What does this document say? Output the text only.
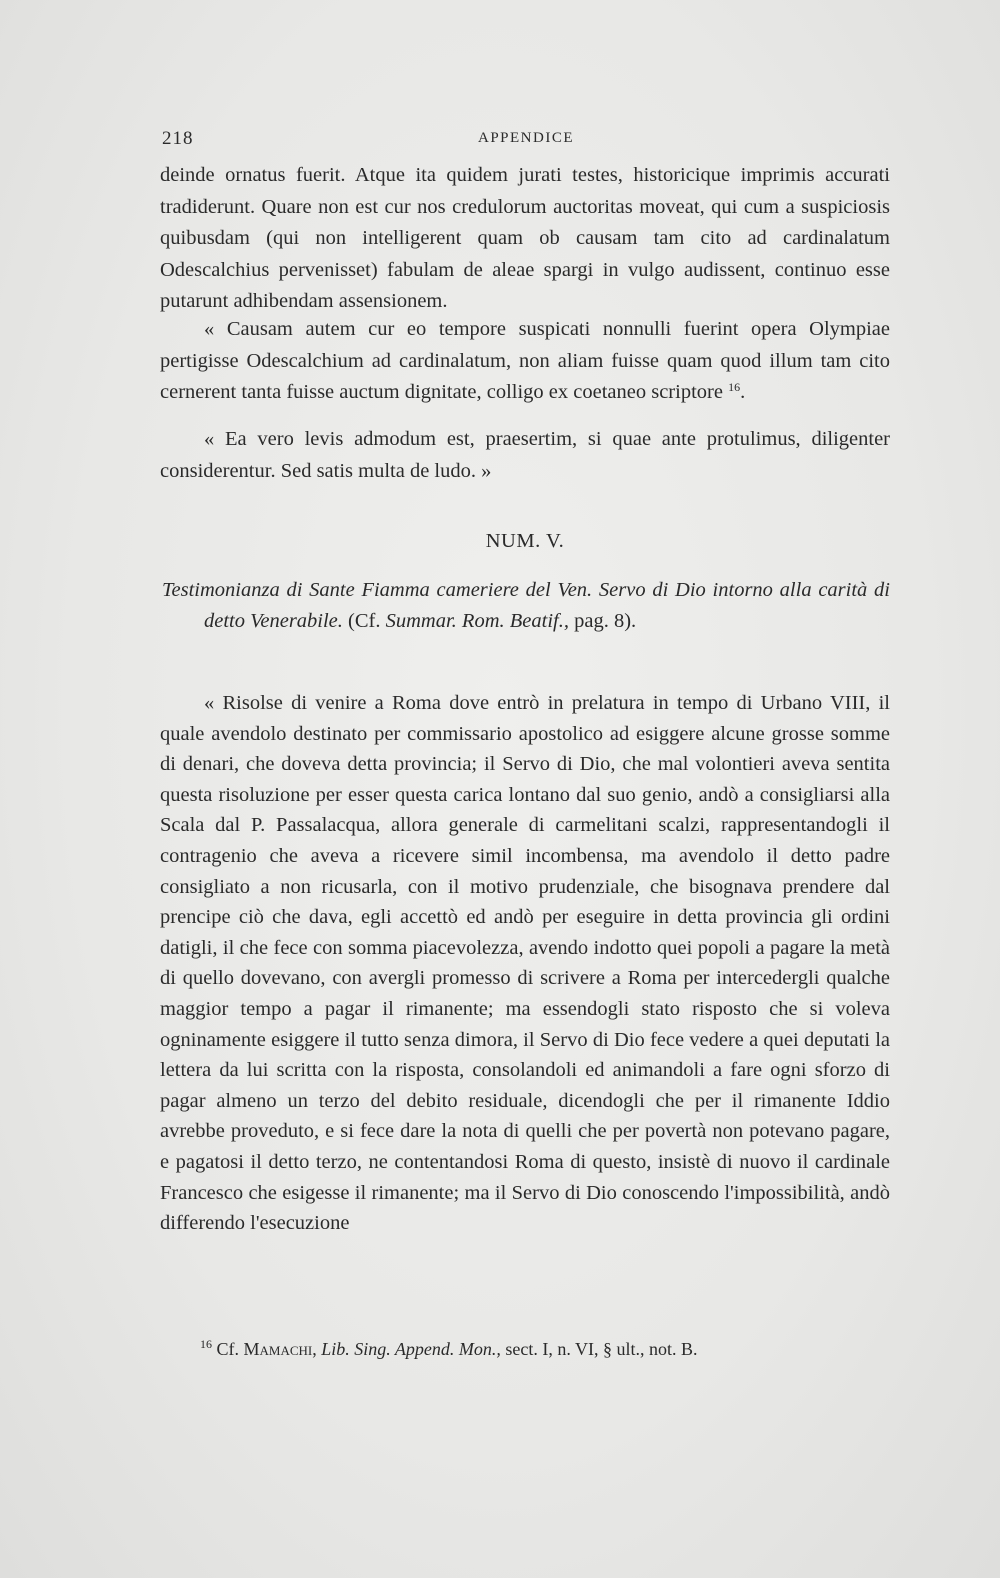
218	APPENDICE
deinde ornatus fuerit. Atque ita quidem jurati testes, historicique imprimis accurati tradiderunt. Quare non est cur nos credulorum auctoritas moveat, qui cum a suspiciosis quibusdam (qui non intelligerent quam ob causam tam cito ad cardinalatum Odescalchius pervenisset) fabulam de aleae spargi in vulgo audissent, continuo esse putarunt adhibendam assensionem.
« Causam autem cur eo tempore suspicati nonnulli fuerint opera Olympiae pertigisse Odescalchium ad cardinalatum, non aliam fuisse quam quod illum tam cito cernerent tanta fuisse auctum dignitate, colligo ex coetaneo scriptore $^{16}$.
« Ea vero levis admodum est, praesertim, si quae ante protulimus, diligenter considerentur. Sed satis multa de ludo. »
NUM. V.
Testimonianza di Sante Fiamma cameriere del Ven. Servo di Dio intorno alla carità di detto Venerabile. (Cf. Summar. Rom. Beatif., pag. 8).
« Risolse di venire a Roma dove entrò in prelatura in tempo di Urbano VIII, il quale avendolo destinato per commissario apostolico ad esiggere alcune grosse somme di denari, che doveva detta provincia; il Servo di Dio, che mal volontieri aveva sentita questa risoluzione per esser questa carica lontano dal suo genio, andò a consigliarsi alla Scala dal P. Passalacqua, allora generale di carmelitani scalzi, rappresentandogli il contragenio che aveva a ricevere simil incombensa, ma avendolo il detto padre consigliato a non ricusarla, con il motivo prudenziale, che bisognava prendere dal prencipe ciò che dava, egli accettò ed andò per eseguire in detta provincia gli ordini datigli, il che fece con somma piacevolezza, avendo indotto quei popoli a pagare la metà di quello dovevano, con avergli promesso di scrivere a Roma per intercedergli qualche maggior tempo a pagar il rimanente; ma essendogli stato risposto che si voleva ogninamente esiggere il tutto senza dimora, il Servo di Dio fece vedere a quei deputati la lettera da lui scritta con la risposta, consolandoli ed animandoli a fare ogni sforzo di pagar almeno un terzo del debito residuale, dicendogli che per il rimanente Iddio avrebbe proveduto, e si fece dare la nota di quelli che per povertà non potevano pagare, e pagatosi il detto terzo, ne contentandosi Roma di questo, insistè di nuovo il cardinale Francesco che esigesse il rimanente; ma il Servo di Dio conoscendo l'impossibilità, andò differendo l'esecuzione
$^{16}$ Cf. Mamachi, Lib. Sing. Append. Mon., sect. I, n. VI, § ult., not. B.
